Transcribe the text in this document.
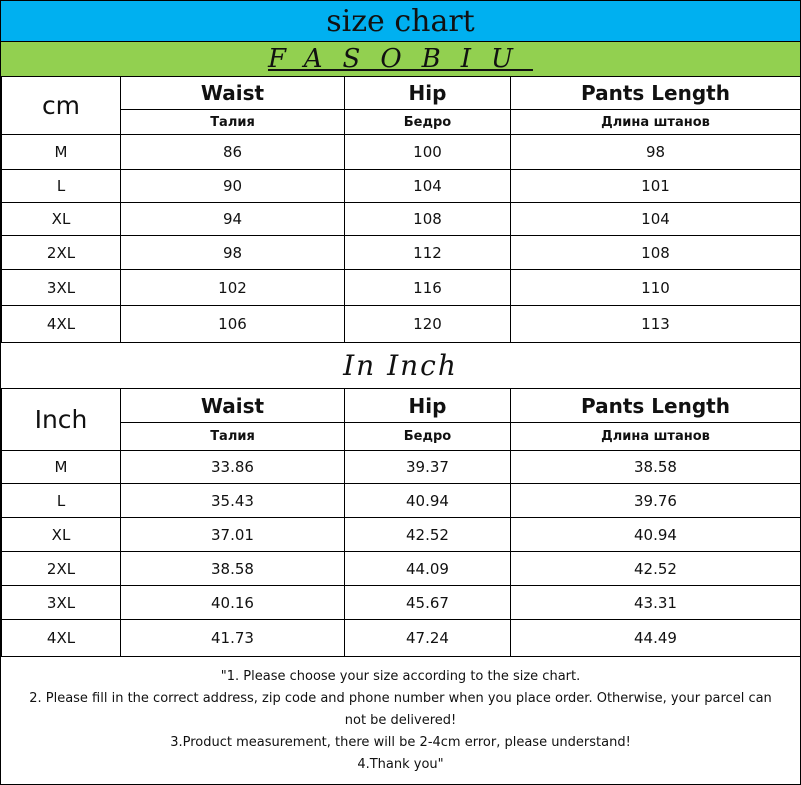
size chart
FASOBIU
cm	Waist	Hip	Pants Length
	Талия	Бедро	Длина штанов
M	86	100	98
L	90	104	101
XL	94	108	104
2XL	98	112	108
3XL	102	116	110
4XL	106	120	113
In Inch
Inch	Waist	Hip	Pants Length
	Талия	Бедро	Длина штанов
M	33.86	39.37	38.58
L	35.43	40.94	39.76
XL	37.01	42.52	40.94
2XL	38.58	44.09	42.52
3XL	40.16	45.67	43.31
4XL	41.73	47.24	44.49
"1. Please choose your size according to the size chart.
2. Please fill in the correct address, zip code and phone number when you place order. Otherwise, your parcel can not be delivered!
3.Product measurement, there will be 2-4cm error, please understand!
4.Thank you"
